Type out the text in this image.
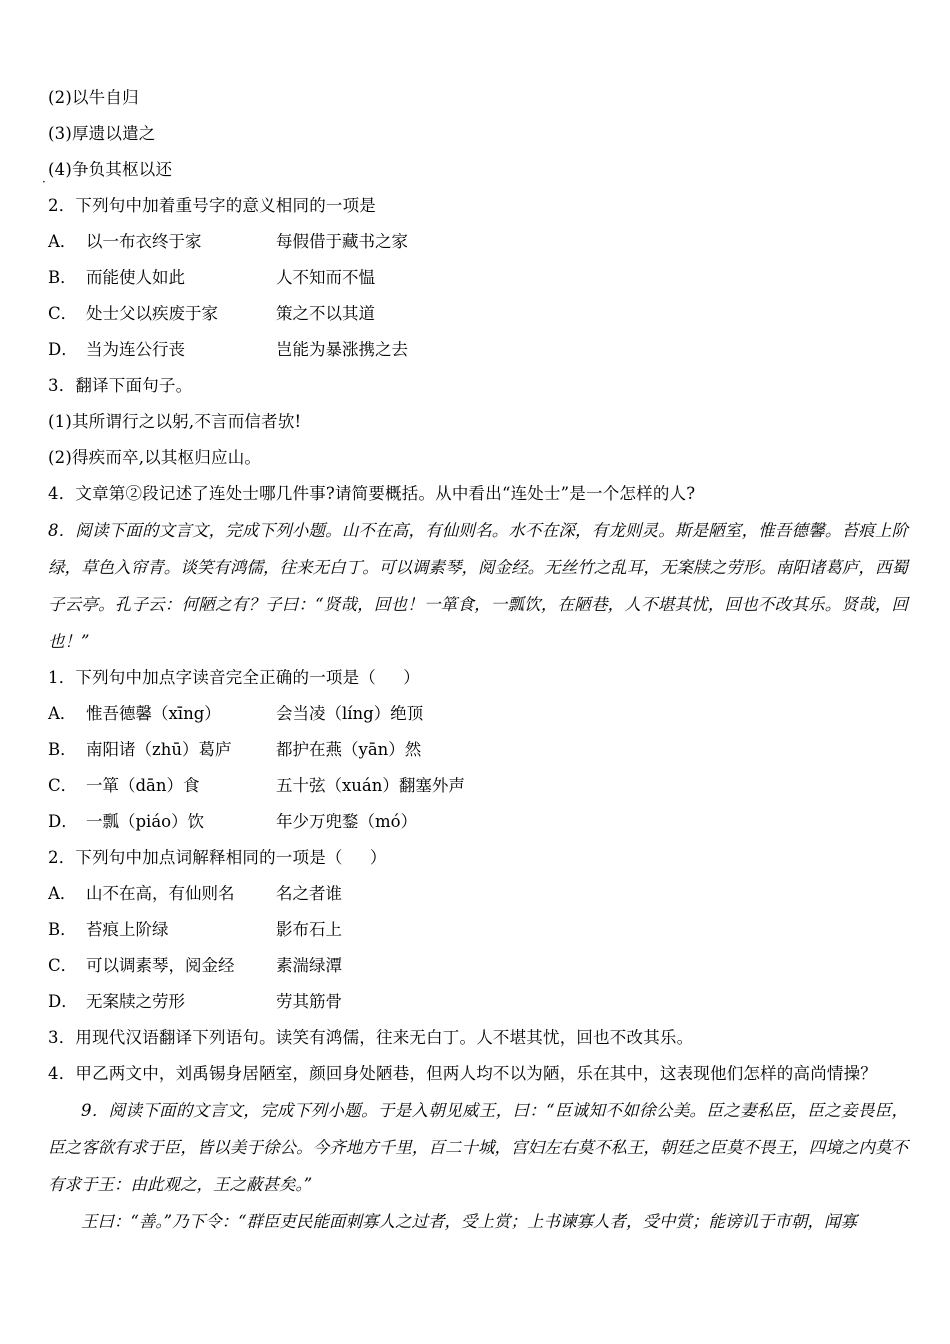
·
(2)以牛自归
(3)厚遗以遣之
(4)争负其枢以还
2．下列句中加着重号字的意义相同的一项是
A． 以一布衣终于家	每假借于藏书之家
B． 而能使人如此	人不知而不愠
C． 处士父以疾废于家	策之不以其道
D． 当为连公行丧	岂能为暴涨携之去
3．翻译下面句子。
(1)其所谓行之以躬,不言而信者欤!
(2)得疾而卒,以其枢归应山。
4．文章第②段记述了连处士哪几件事?请简要概括。从中看出“连处士”是一个怎样的人?
8．阅读下面的文言文，完成下列小题。山不在高，有仙则名。水不在深，有龙则灵。斯是陋室，惟吾德馨。苔痕上阶绿，草色入帘青。谈笑有鸿儒，往来无白丁。可以调素琴，阅金经。无丝竹之乱耳，无案牍之劳形。南阳诸葛庐，西蜀子云亭。孔子云：何陋之有？子曰：“贤哉，回也！一箪食，一瓢饮，在陋巷，人不堪其忧，回也不改其乐。贤哉，回也！”
1．下列句中加点字读音完全正确的一项是（     ）
A． 惟吾德馨（xīng）	会当凌（líng）绝顶
B． 南阳诸（zhū）葛庐	都护在燕（yān）然
C． 一箪（dān）食	五十弦（xuán）翻塞外声
D． 一瓢（piáo）饮	年少万兜鍪（mó）
2．下列句中加点词解释相同的一项是（     ）
A． 山不在高，有仙则名	名之者谁
B． 苔痕上阶绿	影布石上
C． 可以调素琴，阅金经	素湍绿潭
D． 无案牍之劳形	劳其筋骨
3．用现代汉语翻译下列语句。读笑有鸿儒，往来无白丁。人不堪其忧，回也不改其乐。
4．甲乙两文中，刘禹锡身居陋室，颜回身处陋巷，但两人均不以为陋，乐在其中，这表现他们怎样的高尚情操？
9．阅读下面的文言文，完成下列小题。于是入朝见威王，曰：“臣诚知不如徐公美。臣之妻私臣，臣之妾畏臣，臣之客欲有求于臣，皆以美于徐公。今齐地方千里，百二十城，宫妇左右莫不私王，朝廷之臣莫不畏王，四境之内莫不有求于王：由此观之，王之蔽甚矣。”
王曰：“善。”乃下令：“群臣吏民能面刺寡人之过者，受上赏；上书谏寡人者，受中赏；能谤讥于市朝，闻寡
